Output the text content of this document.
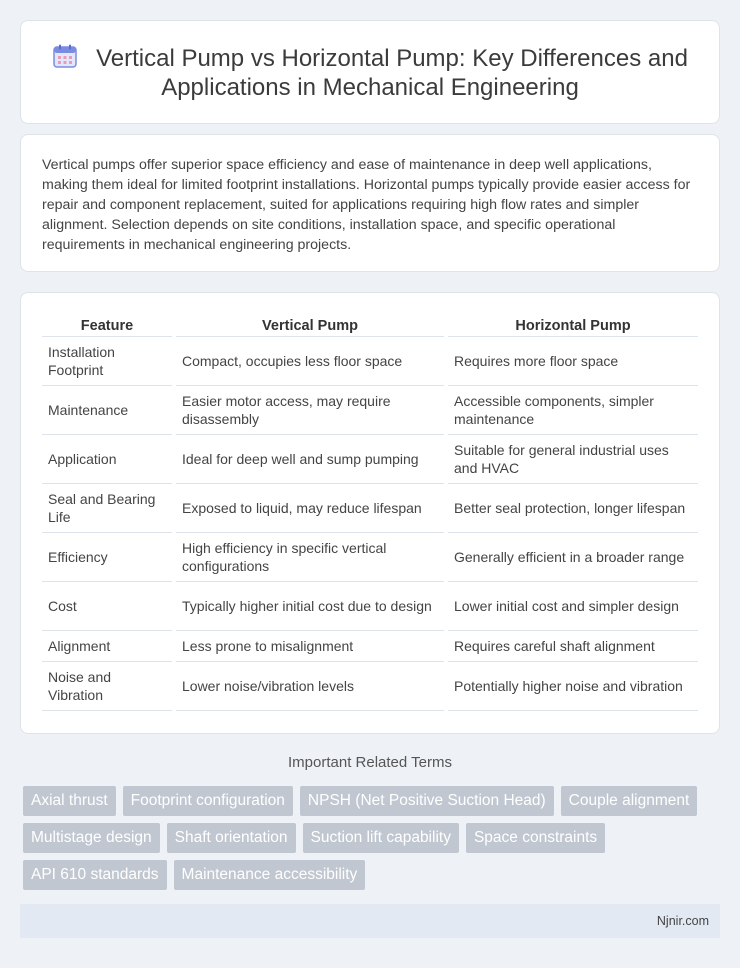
Vertical Pump vs Horizontal Pump: Key Differences and Applications in Mechanical Engineering

Vertical pumps offer superior space efficiency and ease of maintenance in deep well applications, making them ideal for limited footprint installations. Horizontal pumps typically provide easier access for repair and component replacement, suited for applications requiring high flow rates and simpler alignment. Selection depends on site conditions, installation space, and specific operational requirements in mechanical engineering projects.

Feature	Vertical Pump	Horizontal Pump
Installation Footprint	Compact, occupies less floor space	Requires more floor space
Maintenance	Easier motor access, may require disassembly	Accessible components, simpler maintenance
Application	Ideal for deep well and sump pumping	Suitable for general industrial uses and HVAC
Seal and Bearing Life	Exposed to liquid, may reduce lifespan	Better seal protection, longer lifespan
Efficiency	High efficiency in specific vertical configurations	Generally efficient in a broader range
Cost	Typically higher initial cost due to design	Lower initial cost and simpler design
Alignment	Less prone to misalignment	Requires careful shaft alignment
Noise and Vibration	Lower noise/vibration levels	Potentially higher noise and vibration
Important Related Terms
Axial thrust	Footprint configuration	NPSH (Net Positive Suction Head)	Couple alignment
Multistage design	Shaft orientation	Suction lift capability	Space constraints
API 610 standards	Maintenance accessibility
Njnir.com
